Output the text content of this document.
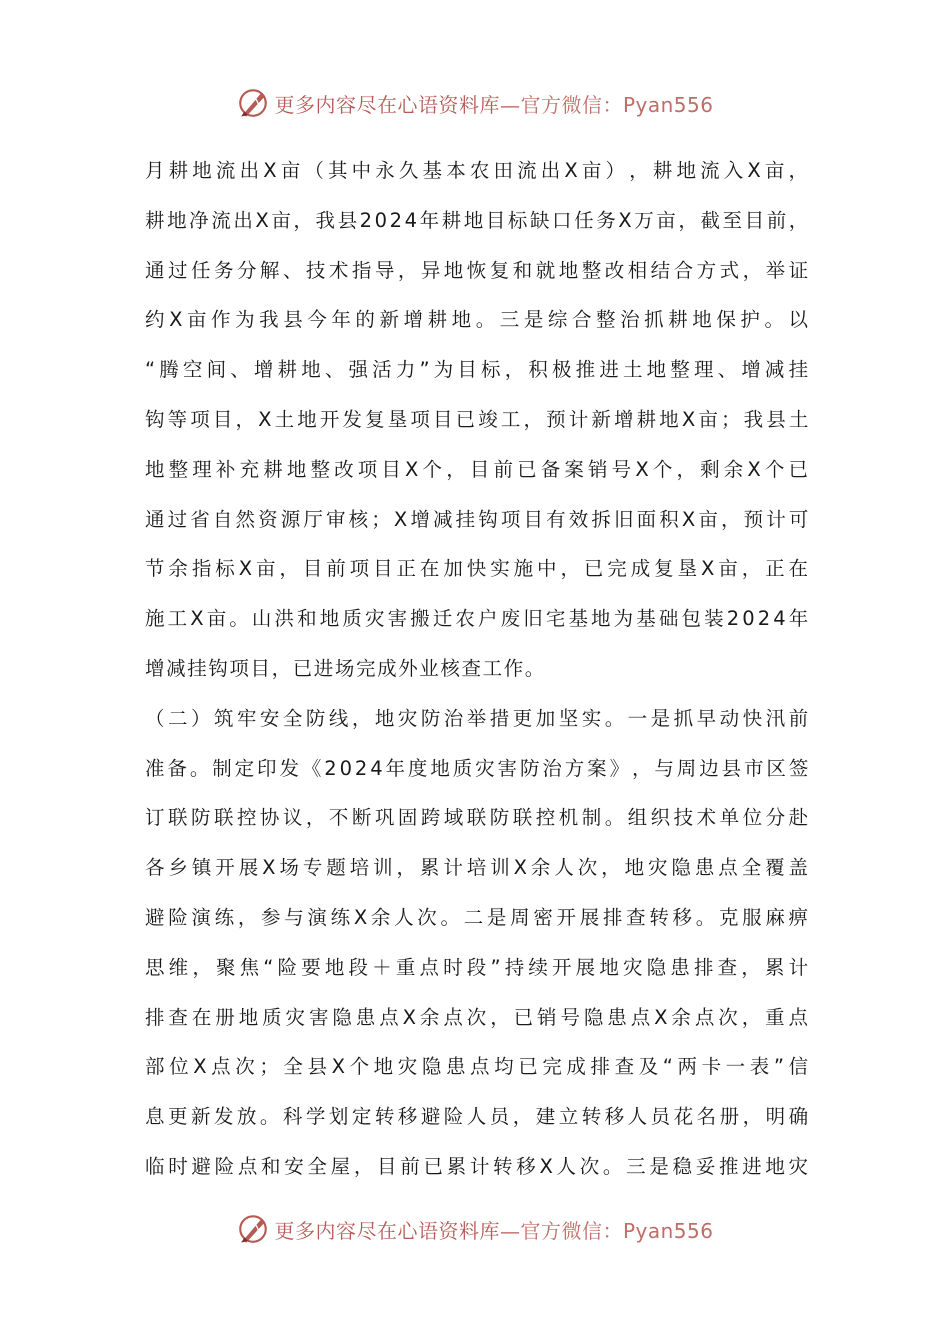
更多内容尽在心语资料库—官方微信：Pyan556
月 耕 地 流 出 X 亩 （ 其 中 永 久 基 本 农 田 流 出 X 亩 ） ， 耕 地 流 入 X 亩 ，
耕 地 净 流 出 X 亩 ， 我 县 2 0 2 4 年 耕 地 目 标 缺 口 任 务 X 万 亩 ， 截 至 目 前 ，
通 过 任 务 分 解 、 技 术 指 导 ， 异 地 恢 复 和 就 地 整 改 相 结 合 方 式 ， 举 证
约 X 亩 作 为 我 县 今 年 的 新 增 耕 地 。 三 是 综 合 整 治 抓 耕 地 保 护 。 以
“ 腾 空 间 、 增 耕 地 、 强 活 力 ” 为 目 标 ， 积 极 推 进 土 地 整 理 、 增 减 挂
钩 等 项 目 ， X 土 地 开 发 复 垦 项 目 已 竣 工 ， 预 计 新 增 耕 地 X 亩 ； 我 县 土
地 整 理 补 充 耕 地 整 改 项 目 X 个 ， 目 前 已 备 案 销 号 X 个 ， 剩 余 X 个 已
通 过 省 自 然 资 源 厅 审 核 ； X 增 减 挂 钩 项 目 有 效 拆 旧 面 积 X 亩 ， 预 计 可
节 余 指 标 X 亩 ， 目 前 项 目 正 在 加 快 实 施 中 ， 已 完 成 复 垦 X 亩 ， 正 在
施 工 X 亩 。 山 洪 和 地 质 灾 害 搬 迁 农 户 废 旧 宅 基 地 为 基 础 包 装 2 0 2 4 年
增减挂钩项目，已进场完成外业核查工作。
（ 二 ） 筑 牢 安 全 防 线 ， 地 灾 防 治 举 措 更 加 坚 实 。 一 是 抓 早 动 快 汛 前
准 备 。 制 定 印 发 《 2 0 2 4 年 度 地 质 灾 害 防 治 方 案 》 ， 与 周 边 县 市 区 签
订 联 防 联 控 协 议 ， 不 断 巩 固 跨 域 联 防 联 控 机 制 。 组 织 技 术 单 位 分 赴
各 乡 镇 开 展 X 场 专 题 培 训 ， 累 计 培 训 X 余 人 次 ， 地 灾 隐 患 点 全 覆 盖
避 险 演 练 ， 参 与 演 练 X 余 人 次 。 二 是 周 密 开 展 排 查 转 移 。 克 服 麻 痹
思 维 ， 聚 焦 “ 险 要 地 段 ＋ 重 点 时 段 ” 持 续 开 展 地 灾 隐 患 排 查 ， 累 计
排 查 在 册 地 质 灾 害 隐 患 点 X 余 点 次 ， 已 销 号 隐 患 点 X 余 点 次 ， 重 点
部 位 X 点 次 ； 全 县 X 个 地 灾 隐 患 点 均 已 完 成 排 查 及 “ 两 卡 一 表 ” 信
息 更 新 发 放 。 科 学 划 定 转 移 避 险 人 员 ， 建 立 转 移 人 员 花 名 册 ， 明 确
临 时 避 险 点 和 安 全 屋 ， 目 前 已 累 计 转 移 X 人 次 。 三 是 稳 妥 推 进 地 灾
更多内容尽在心语资料库—官方微信：Pyan556
